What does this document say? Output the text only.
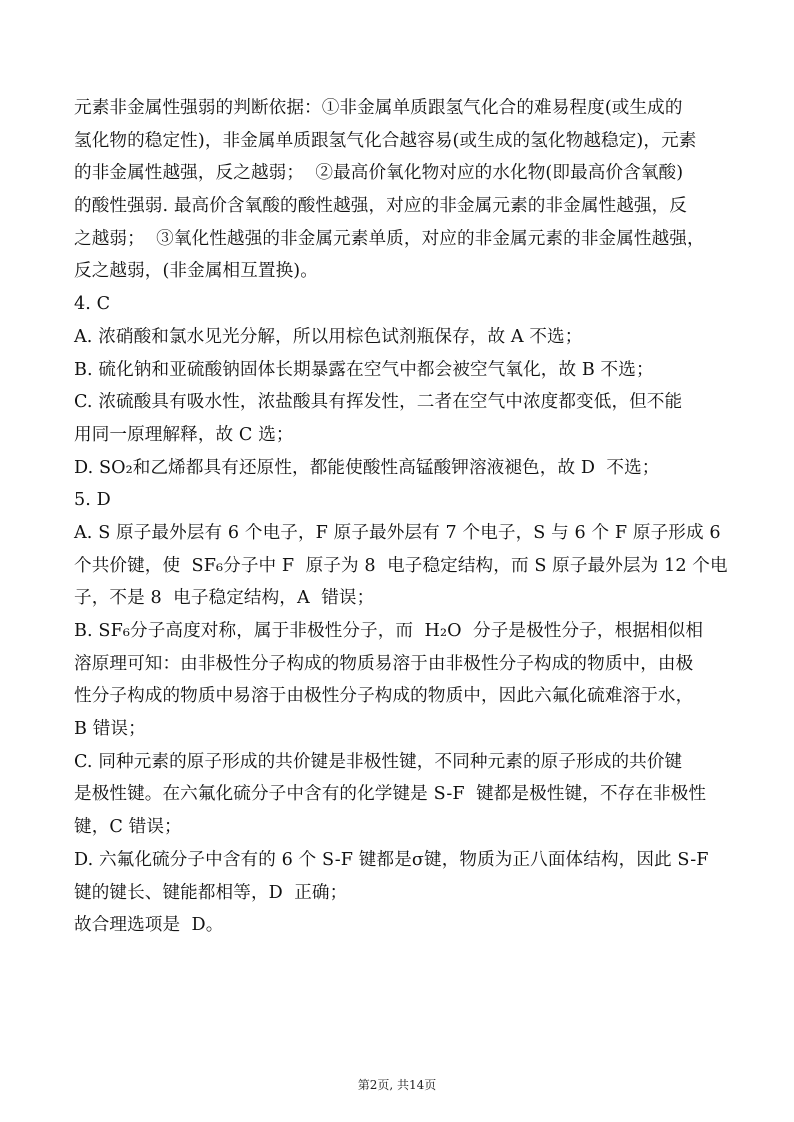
元素非金属性强弱的判断依据：①非金属单质跟氢气化合的难易程度(或生成的
氢化物的稳定性)，非金属单质跟氢气化合越容易(或生成的氢化物越稳定)，元素
的非金属性越强，反之越弱；  ②最高价氧化物对应的水化物(即最高价含氧酸)
的酸性强弱. 最高价含氧酸的酸性越强，对应的非金属元素的非金属性越强，反
之越弱；  ③氧化性越强的非金属元素单质，对应的非金属元素的非金属性越强，
反之越弱，(非金属相互置换)。
4. C
A. 浓硝酸和氯水见光分解，所以用棕色试剂瓶保存，故 A 不选；
B. 硫化钠和亚硫酸钠固体长期暴露在空气中都会被空气氧化，故 B 不选；
C. 浓硫酸具有吸水性，浓盐酸具有挥发性，二者在空气中浓度都变低，但不能
用同一原理解释，故 C 选；
D. SO₂和乙烯都具有还原性，都能使酸性高锰酸钾溶液褪色，故 D  不选；
5. D
A. S 原子最外层有 6 个电子，F 原子最外层有 7 个电子，S 与 6 个 F 原子形成 6
个共价键，使  SF₆分子中 F  原子为 8  电子稳定结构，而 S 原子最外层为 12 个电
子，不是 8  电子稳定结构，A  错误；
B. SF₆分子高度对称，属于非极性分子，而  H₂O  分子是极性分子，根据相似相
溶原理可知：由非极性分子构成的物质易溶于由非极性分子构成的物质中，由极
性分子构成的物质中易溶于由极性分子构成的物质中，因此六氟化硫难溶于水，
B 错误；
C. 同种元素的原子形成的共价键是非极性键，不同种元素的原子形成的共价键
是极性键。在六氟化硫分子中含有的化学键是 S-F  键都是极性键，不存在非极性
键，C 错误；
D. 六氟化硫分子中含有的 6 个 S-F 键都是σ键，物质为正八面体结构，因此 S-F
键的键长、键能都相等，D  正确；
故合理选项是  D。
第2页, 共14页
